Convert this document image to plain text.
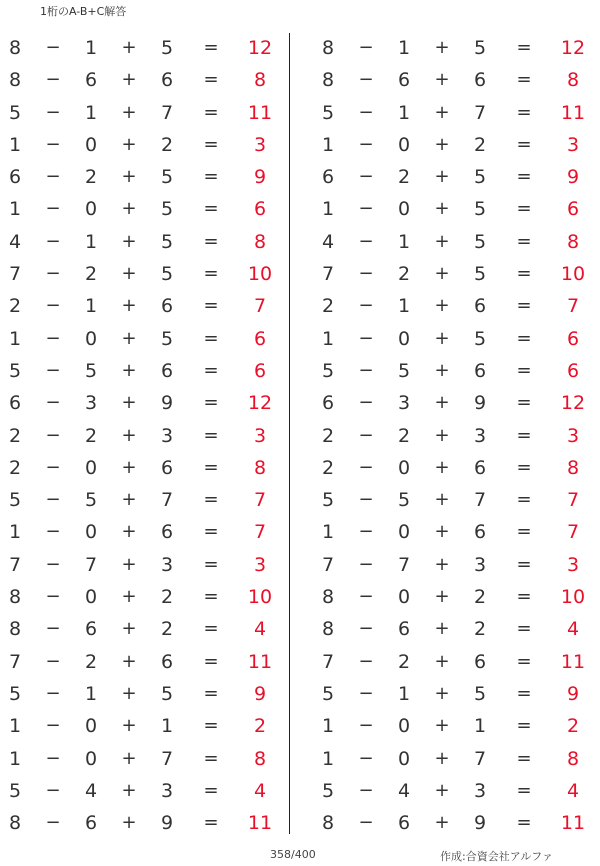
1桁のA-B+C解答
8	−	1	+	5	=	12
8	−	6	+	6	=	8
5	−	1	+	7	=	11
1	−	0	+	2	=	3
6	−	2	+	5	=	9
1	−	0	+	5	=	6
4	−	1	+	5	=	8
7	−	2	+	5	=	10
2	−	1	+	6	=	7
1	−	0	+	5	=	6
5	−	5	+	6	=	6
6	−	3	+	9	=	12
2	−	2	+	3	=	3
2	−	0	+	6	=	8
5	−	5	+	7	=	7
1	−	0	+	6	=	7
7	−	7	+	3	=	3
8	−	0	+	2	=	10
8	−	6	+	2	=	4
7	−	2	+	6	=	11
5	−	1	+	5	=	9
1	−	0	+	1	=	2
1	−	0	+	7	=	8
5	−	4	+	3	=	4
8	−	6	+	9	=	11
8	−	1	+	5	=	12
8	−	6	+	6	=	8
5	−	1	+	7	=	11
1	−	0	+	2	=	3
6	−	2	+	5	=	9
1	−	0	+	5	=	6
4	−	1	+	5	=	8
7	−	2	+	5	=	10
2	−	1	+	6	=	7
1	−	0	+	5	=	6
5	−	5	+	6	=	6
6	−	3	+	9	=	12
2	−	2	+	3	=	3
2	−	0	+	6	=	8
5	−	5	+	7	=	7
1	−	0	+	6	=	7
7	−	7	+	3	=	3
8	−	0	+	2	=	10
8	−	6	+	2	=	4
7	−	2	+	6	=	11
5	−	1	+	5	=	9
1	−	0	+	1	=	2
1	−	0	+	7	=	8
5	−	4	+	3	=	4
8	−	6	+	9	=	11
358/400	作成:合資会社アルファ
